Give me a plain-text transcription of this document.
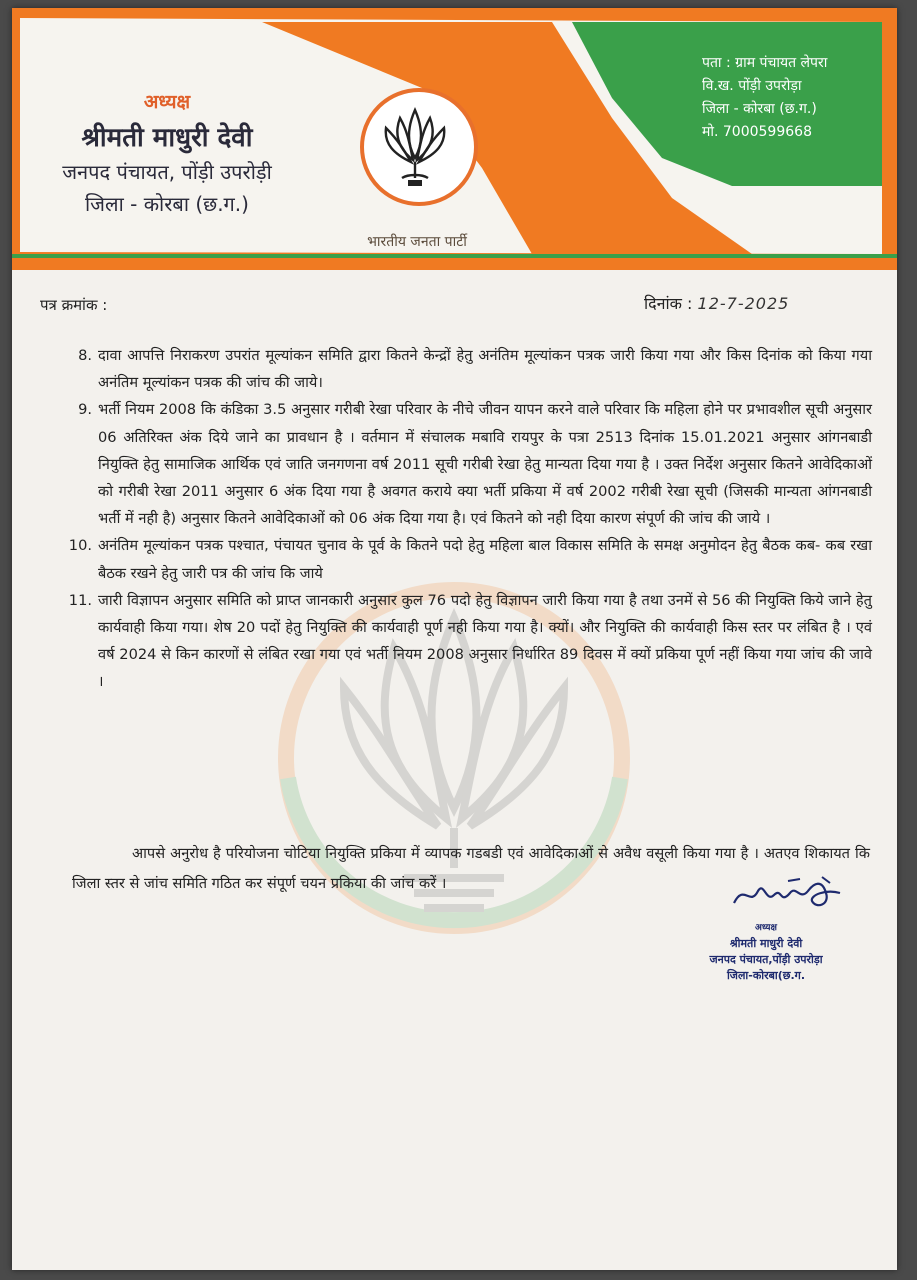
अध्यक्ष
श्रीमती माधुरी देवी
जनपद पंचायत, पोंड़ी उपरोड़ी
जिला - कोरबा (छ.ग.)
भारतीय जनता पार्टी
पता : ग्राम पंचायत लेपरा
वि.ख. पोंड़ी उपरोड़ा
जिला - कोरबा (छ.ग.)
मो. 7000599668
पत्र क्रमांक :	दिनांक : 12-7-2025
8. दावा आपत्ति निराकरण उपरांत मूल्यांकन समिति द्वारा कितने केन्द्रों हेतु अनंतिम मूल्यांकन पत्रक जारी किया गया और किस दिनांक को किया गया अनंतिम मूल्यांकन पत्रक की जांच की जाये।
9. भर्ती नियम 2008 कि कंडिका 3.5 अनुसार गरीबी रेखा परिवार के नीचे जीवन यापन करने वाले परिवार कि महिला होने पर प्रभावशील सूची अनुसार 06 अतिरिक्त अंक दिये जाने का प्रावधान है । वर्तमान में संचालक मबावि रायपुर के पत्रा 2513 दिनांक 15.01.2021 अनुसार आंगनबाडी नियुक्ति हेतु सामाजिक आर्थिक एवं जाति जनगणना वर्ष 2011 सूची गरीबी रेखा हेतु मान्यता दिया गया है । उक्त निर्देश अनुसार कितने आवेदिकाओं को गरीबी रेखा 2011 अनुसार 6 अंक दिया गया है अवगत कराये क्या भर्ती प्रकिया में वर्ष 2002 गरीबी रेखा सूची (जिसकी मान्यता आंगनबाडी भर्ती में नही है) अनुसार कितने आवेदिकाओं को 06 अंक दिया गया है। एवं कितने को नही दिया कारण संपूर्ण की जांच की जाये ।
10. अनंतिम मूल्यांकन पत्रक पश्चात, पंचायत चुनाव के पूर्व के कितने पदो हेतु महिला बाल विकास समिति के समक्ष अनुमोदन हेतु बैठक कब- कब रखा बैठक रखने हेतु जारी पत्र की जांच कि जाये
11. जारी विज्ञापन अनुसार समिति को प्राप्त जानकारी अनुसार कुल 76 पदो हेतु विज्ञापन जारी किया गया है तथा उनमें से 56 की नियुक्ति किये जाने हेतु कार्यवाही किया गया। शेष 20 पदों हेतु नियुक्ति की कार्यवाही पूर्ण नही किया गया है। क्यों। और नियुक्ति की कार्यवाही किस स्तर पर लंबित है । एवं वर्ष 2024 से किन कारणों से लंबित रखा गया एवं भर्ती नियम 2008 अनुसार निर्धारित 89 दिवस में क्यों प्रकिया पूर्ण नहीं किया गया जांच की जावे ।
आपसे अनुरोध है परियोजना चोटिया नियुक्ति प्रकिया में व्यापक गडबडी एवं आवेदिकाओं से अवैध वसूली किया गया है । अतएव शिकायत कि जिला स्तर से जांच समिति गठित कर संपूर्ण चयन प्रकिया की जांच करें ।
अध्यक्ष
श्रीमती माधुरी देवी
जनपद पंचायत,पोंड़ी उपरोड़ा
जिला-कोरबा(छ.ग.
